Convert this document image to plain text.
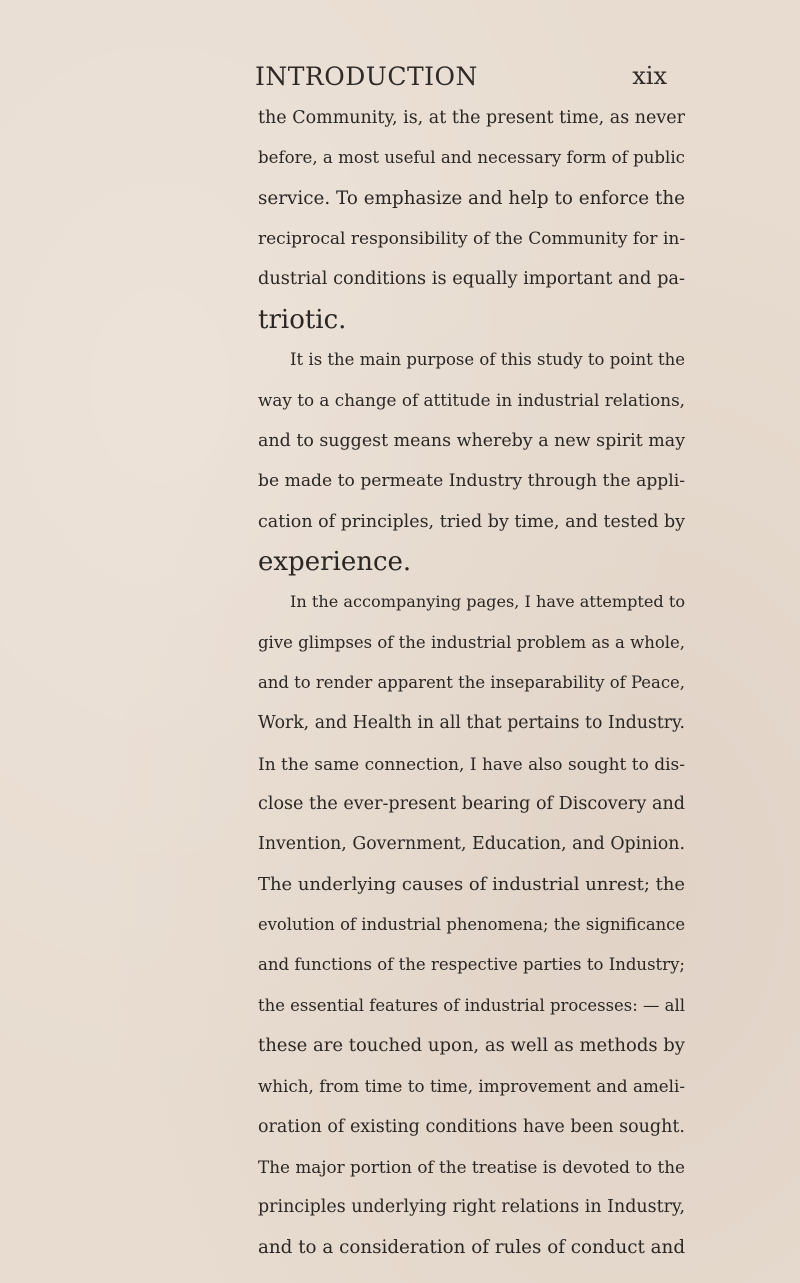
INTRODUCTION	xix
the Community, is, at the present time, as never
before, a most useful and necessary form of public
service. To emphasize and help to enforce the
reciprocal responsibility of the Community for in-
dustrial conditions is equally important and pa-
triotic.
It is the main purpose of this study to point the
way to a change of attitude in industrial relations,
and to suggest means whereby a new spirit may
be made to permeate Industry through the appli-
cation of principles, tried by time, and tested by
experience.
In the accompanying pages, I have attempted to
give glimpses of the industrial problem as a whole,
and to render apparent the inseparability of Peace,
Work, and Health in all that pertains to Industry.
In the same connection, I have also sought to dis-
close the ever-present bearing of Discovery and
Invention, Government, Education, and Opinion.
The underlying causes of industrial unrest; the
evolution of industrial phenomena; the significance
and functions of the respective parties to Industry;
the essential features of industrial processes: — all
these are touched upon, as well as methods by
which, from time to time, improvement and ameli-
oration of existing conditions have been sought.
The major portion of the treatise is devoted to the
principles underlying right relations in Industry,
and to a consideration of rules of conduct and
